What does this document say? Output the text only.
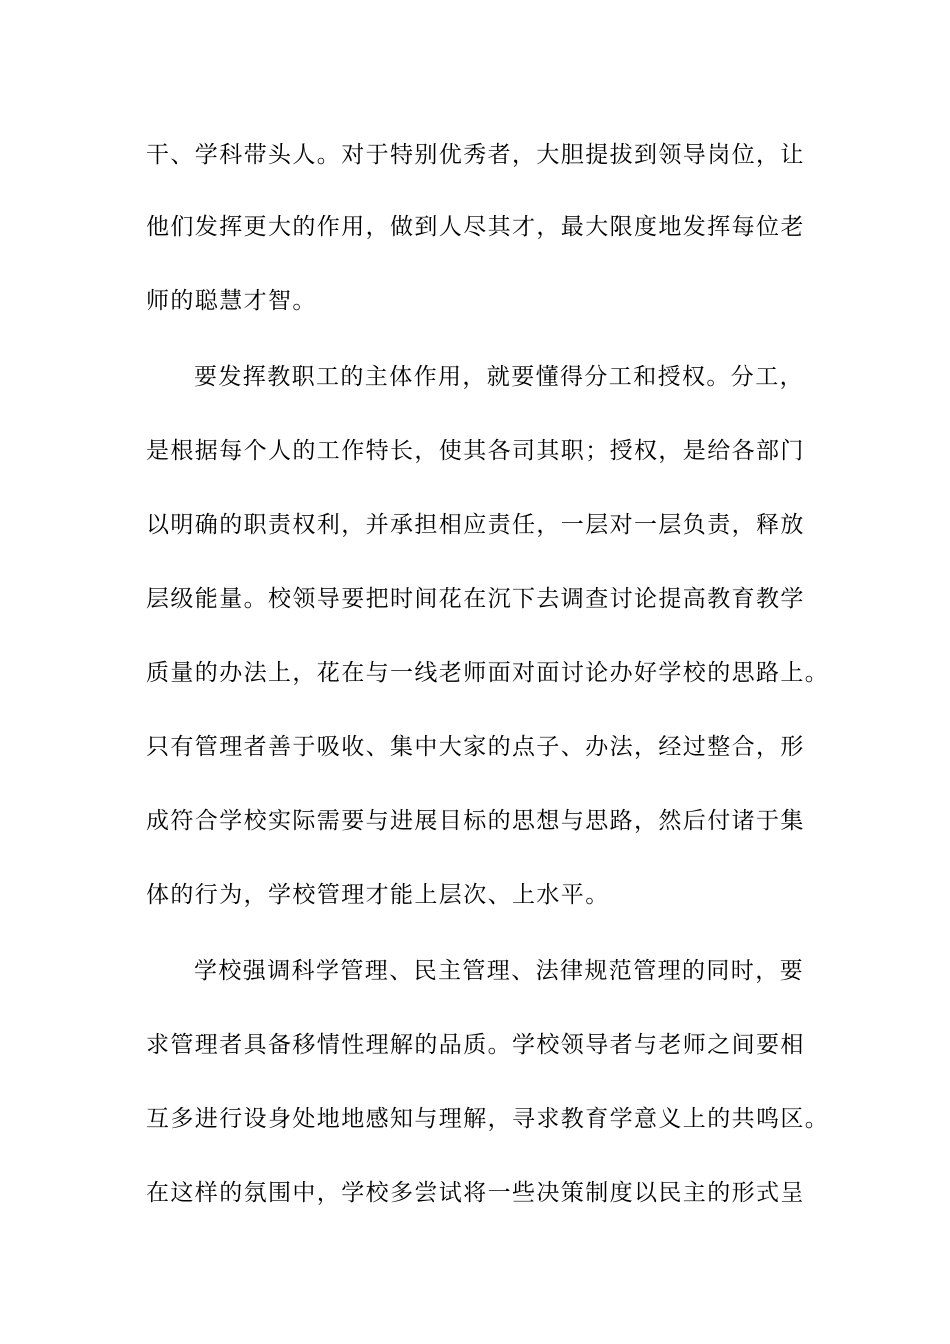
干、学科带头人。对于特别优秀者，大胆提拔到领导岗位，让
他们发挥更大的作用，做到人尽其才，最大限度地发挥每位老
师的聪慧才智。
要发挥教职工的主体作用，就要懂得分工和授权。分工，
是根据每个人的工作特长，使其各司其职；授权，是给各部门
以明确的职责权利，并承担相应责任，一层对一层负责，释放
层级能量。校领导要把时间花在沉下去调查讨论提高教育教学
质量的办法上，花在与一线老师面对面讨论办好学校的思路上。
只有管理者善于吸收、集中大家的点子、办法，经过整合，形
成符合学校实际需要与进展目标的思想与思路，然后付诸于集
体的行为，学校管理才能上层次、上水平。
学校强调科学管理、民主管理、法律规范管理的同时，要
求管理者具备移情性理解的品质。学校领导者与老师之间要相
互多进行设身处地地感知与理解，寻求教育学意义上的共鸣区。
在这样的氛围中，学校多尝试将一些决策制度以民主的形式呈
